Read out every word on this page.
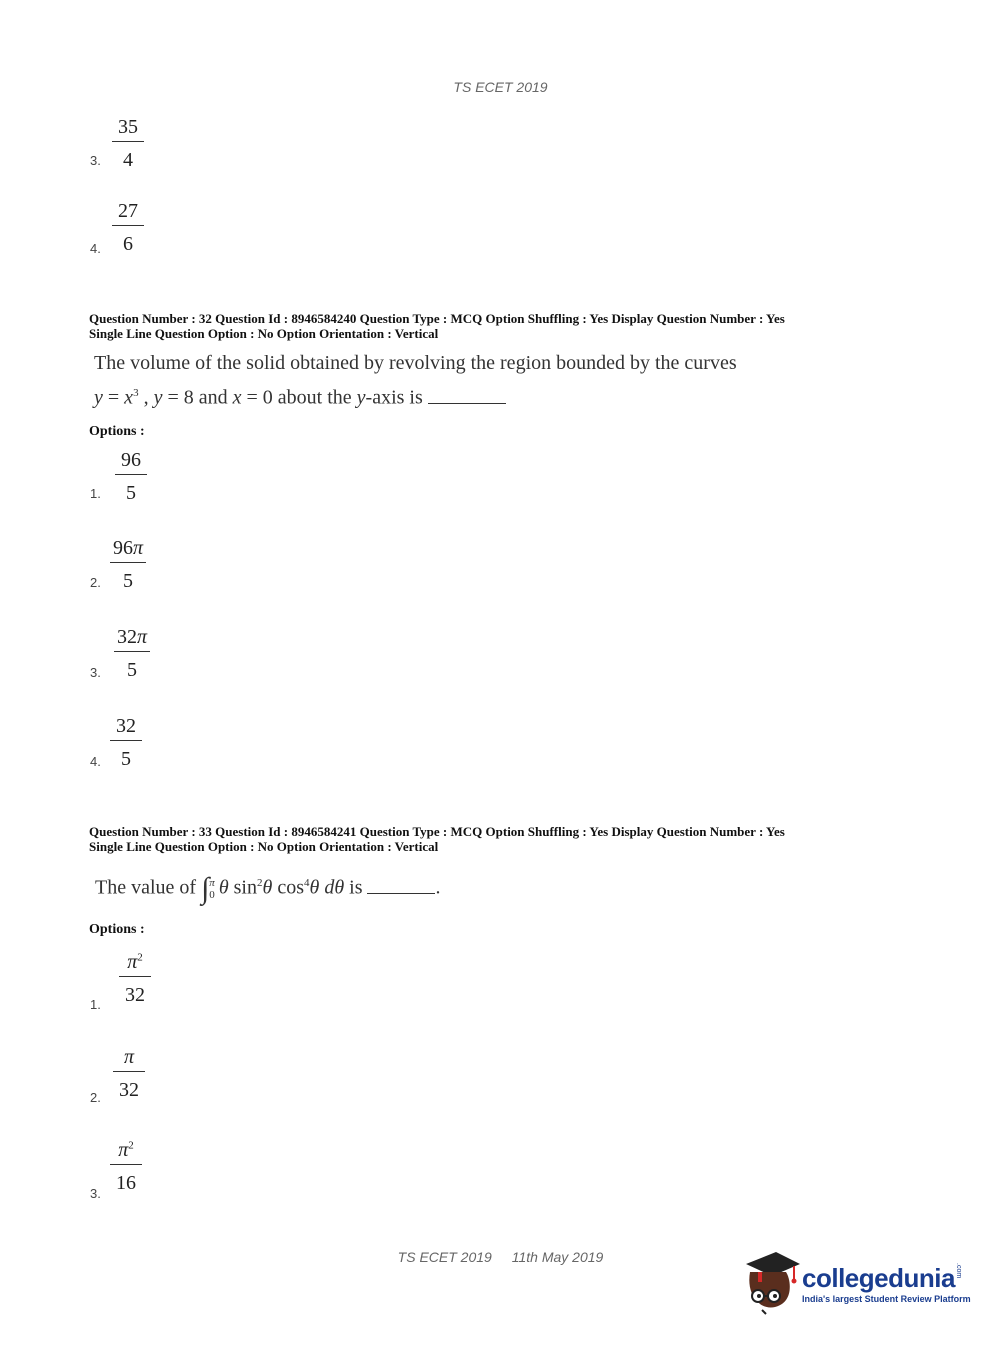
TS ECET 2019
3. $\frac{35}{4}$
4. $\frac{27}{6}$
Question Number : 32 Question Id : 8946584240 Question Type : MCQ Option Shuffling : Yes Display Question Number : Yes
Single Line Question Option : No Option Orientation : Vertical
The volume of the solid obtained by revolving the region bounded by the curves
$y = x^3$ , y = 8 and x = 0 about the y-axis is
Options :
1. $\frac{96}{5}$
2. $\frac{96\pi}{5}$
3. $\frac{32\pi}{5}$
4. $\frac{32}{5}$
Question Number : 33 Question Id : 8946584241 Question Type : MCQ Option Shuffling : Yes Display Question Number : Yes
Single Line Question Option : No Option Orientation : Vertical
The value of ∫ π
0 θ $\sin^2\theta$ $\cos^4\theta$ dθ is	.
Options :
1. $\frac{\pi^2}{32}$
2. $\frac{\pi}{32}$
3.
$\frac{\pi^2}{16}$
TS ECET 2019 11th May 2019
collegedunia.com
India's largest Student Review Platform
